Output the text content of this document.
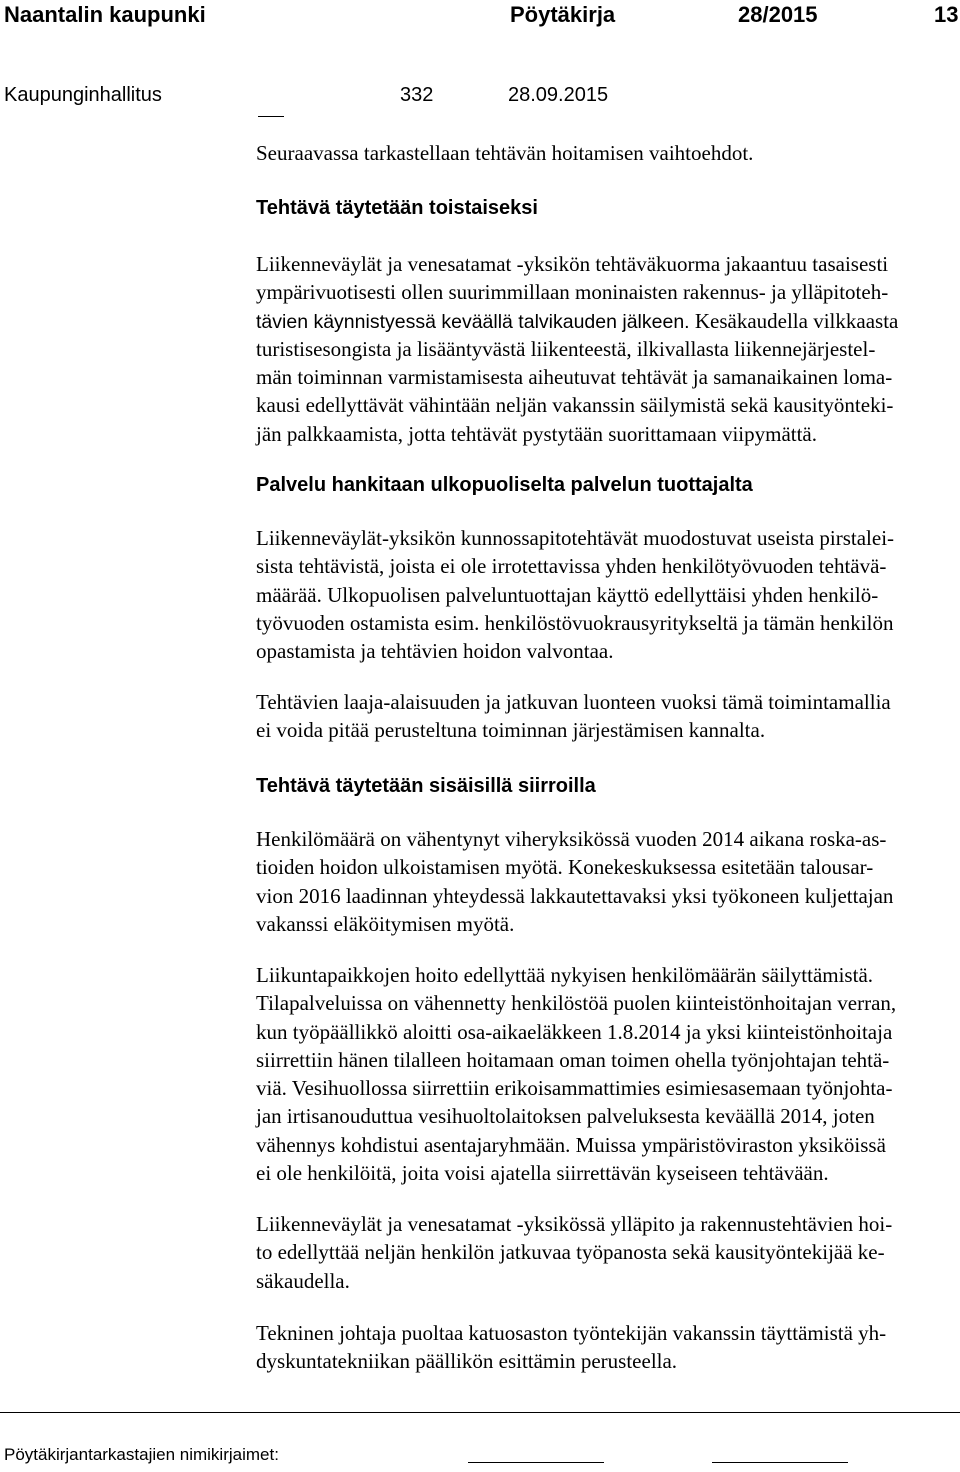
Naantalin kaupunki	Pöytäkirja	28/2015	13
Kaupunginhallitus	332	28.09.2015
Seuraavassa tarkastellaan tehtävän hoitamisen vaihtoehdot.
Tehtävä täytetään toistaiseksi
Liikenneväylät ja venesatamat -yksikön tehtäväkuorma jakaantuu tasaisesti
ympärivuotisesti ollen suurimmillaan moninaisten rakennus- ja ylläpitoteh-
tävien käynnistyessä keväällä talvikauden jälkeen. Kesäkaudella vilkkaasta
turistisesongista ja lisääntyvästä liikenteestä, ilkivallasta liikennejärjestel-
män toiminnan varmistamisesta aiheutuvat tehtävät ja samanaikainen loma-
kausi edellyttävät vähintään neljän vakanssin säilymistä sekä kausityönteki-
jän palkkaamista, jotta tehtävät pystytään suorittamaan viipymättä.
Palvelu hankitaan ulkopuoliselta palvelun tuottajalta
Liikenneväylät-yksikön kunnossapitotehtävät muodostuvat useista pirstalei-
sista tehtävistä, joista ei ole irrotettavissa yhden henkilötyövuoden tehtävä-
määrää. Ulkopuolisen palveluntuottajan käyttö edellyttäisi yhden henkilö-
työvuoden ostamista esim. henkilöstövuokrausyritykseltä ja tämän henkilön
opastamista ja tehtävien hoidon valvontaa.
Tehtävien laaja-alaisuuden ja jatkuvan luonteen vuoksi tämä toimintamallia
ei voida pitää perusteltuna toiminnan järjestämisen kannalta.
Tehtävä täytetään sisäisillä siirroilla
Henkilömäärä on vähentynyt viheryksikössä vuoden 2014 aikana roska-as-
tioiden hoidon ulkoistamisen myötä. Konekeskuksessa esitetään talousar-
vion 2016 laadinnan yhteydessä lakkautettavaksi yksi työkoneen kuljettajan
vakanssi eläköitymisen myötä.
Liikuntapaikkojen hoito edellyttää nykyisen henkilömäärän säilyttämistä.
Tilapalveluissa on vähennetty henkilöstöä puolen kiinteistönhoitajan verran,
kun työpäällikkö aloitti osa-aikaeläkkeen 1.8.2014 ja yksi kiinteistönhoitaja
siirrettiin hänen tilalleen hoitamaan oman toimen ohella työnjohtajan tehtä-
viä. Vesihuollossa siirrettiin erikoisammattimies esimiesasemaan työnjohta-
jan irtisanouduttua vesihuoltolaitoksen palveluksesta keväällä 2014, joten
vähennys kohdistui asentajaryhmään. Muissa ympäristöviraston yksiköissä
ei ole henkilöitä, joita voisi ajatella siirrettävän kyseiseen tehtävään.
Liikenneväylät ja venesatamat -yksikössä ylläpito ja rakennustehtävien hoi-
to edellyttää neljän henkilön jatkuvaa työpanosta sekä kausityöntekijää ke-
säkaudella.
Tekninen johtaja puoltaa katuosaston työntekijän vakanssin täyttämistä yh-
dyskuntatekniikan päällikön esittämin perusteella.
Pöytäkirjantarkastajien nimikirjaimet:
